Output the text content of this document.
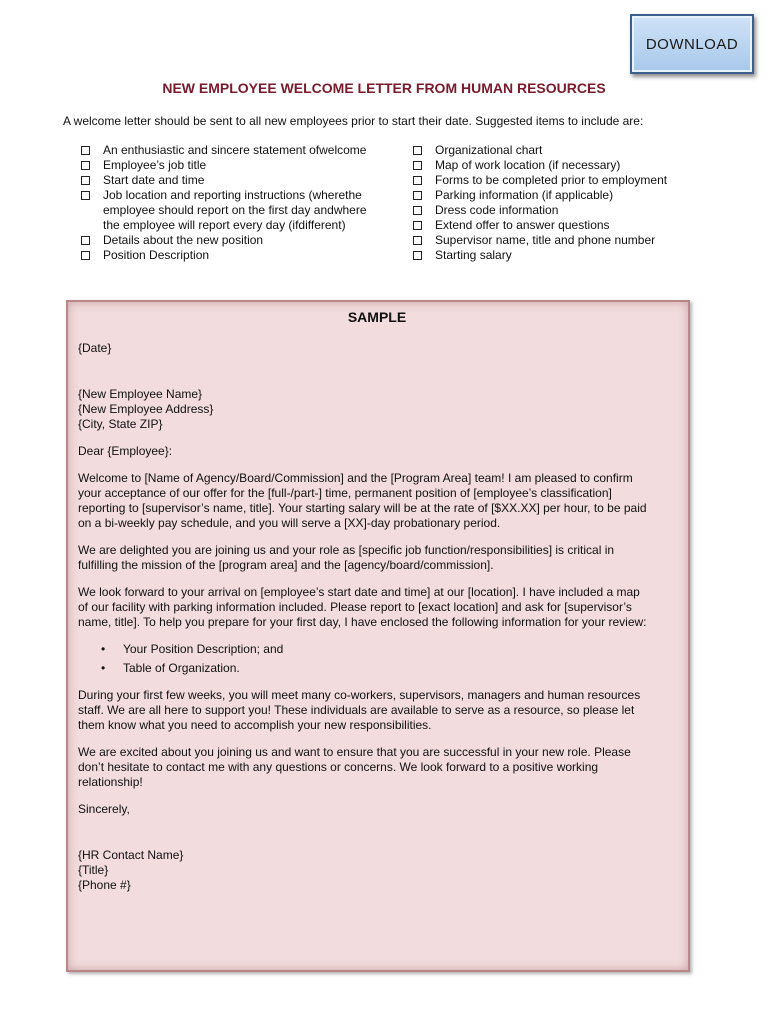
DOWNLOAD
NEW EMPLOYEE WELCOME LETTER FROM HUMAN RESOURCES
A welcome letter should be sent to all new employees prior to start their date. Suggested items to include are:
An enthusiastic and sincere statement ofwelcome
Employee’s job title
Start date and time
Job location and reporting instructions (wherethe employee should report on the first day andwhere the employee will report every day (ifdifferent)
Details about the new position
Position Description
Organizational chart
Map of work location (if necessary)
Forms to be completed prior to employment
Parking information (if applicable)
Dress code information
Extend offer to answer questions
Supervisor name, title and phone number
Starting salary
SAMPLE

{Date}

{New Employee Name}
{New Employee Address}
{City, State ZIP}

Dear {Employee}:

Welcome to [Name of Agency/Board/Commission] and the [Program Area] team! I am pleased to confirm
your acceptance of our offer for the [full-/part-] time, permanent position of [employee’s classification]
reporting to [supervisor’s name, title]. Your starting salary will be at the rate of [$XX.XX] per hour, to be paid
on a bi-weekly pay schedule, and you will serve a [XX]-day probationary period.

We are delighted you are joining us and your role as [specific job function/responsibilities] is critical in
fulfilling the mission of the [program area] and the [agency/board/commission].

We look forward to your arrival on [employee’s start date and time] at our [location]. I have included a map
of our facility with parking information included. Please report to [exact location] and ask for [supervisor’s
name, title]. To help you prepare for your first day, I have enclosed the following information for your review:

• Your Position Description; and
• Table of Organization.

During your first few weeks, you will meet many co-workers, supervisors, managers and human resources
staff. We are all here to support you! These individuals are available to serve as a resource, so please let
them know what you need to accomplish your new responsibilities.

We are excited about you joining us and want to ensure that you are successful in your new role. Please
don’t hesitate to contact me with any questions or concerns. We look forward to a positive working
relationship!

Sincerely,

{HR Contact Name}
{Title}
{Phone #}
